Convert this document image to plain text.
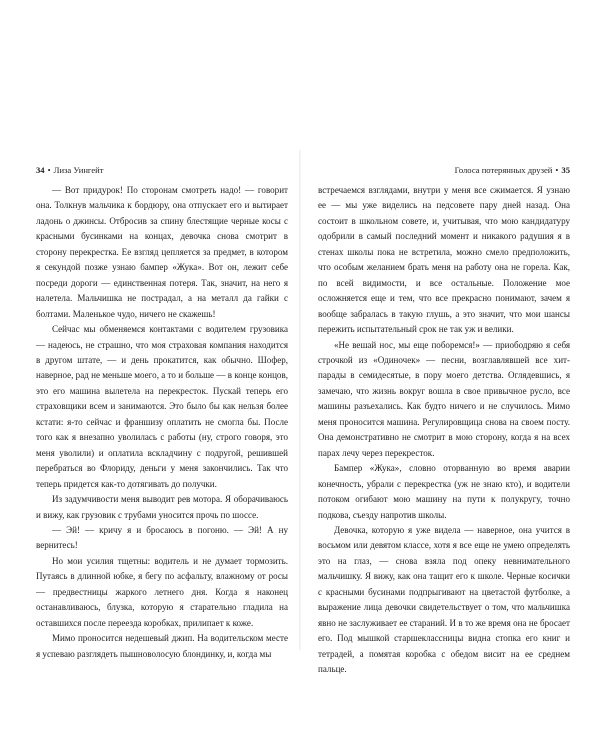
34 • Лиза Уингейт

— Вот придурок! По сторонам смотреть надо! — говорит она. Толкнув мальчика к бордюру, она отпускает его и вытирает ладонь о джинсы. Отбросив за спину блестящие черные косы с красными бусинками на концах, девочка снова смотрит в сторону перекрестка. Ее взгляд цепляется за предмет, в котором я секундой позже узнаю бампер «Жука». Вот он, лежит себе посреди дороги — единственная потеря. Так, значит, на него я налетела. Мальчишка не пострадал, а на металл да гайки с болтами. Маленькое чудо, ничего не скажешь!

Сейчас мы обменяемся контактами с водителем грузовика — надеюсь, не страшно, что моя страховая компания находится в другом штате, — и день прокатится, как обычно. Шофер, наверное, рад не меньше моего, а то и больше — в конце концов, это его машина вылетела на перекресток. Пускай теперь его страховщики всем и занимаются. Это было бы как нельзя более кстати: я-то сейчас и франшизу оплатить не смогла бы. После того как я внезапно уволилась с работы (ну, строго говоря, это меня уволили) и оплатила вскладчину с подругой, решившей перебраться во Флориду, деньги у меня закончились. Так что теперь придется как-то дотягивать до получки.

Из задумчивости меня выводит рев мотора. Я оборачиваюсь и вижу, как грузовик с трубами уносится прочь по шоссе.

— Эй! — кричу я и бросаюсь в погоню. — Эй! А ну вернитесь!

Но мои усилия тщетны: водитель и не думает тормозить. Путаясь в длинной юбке, я бегу по асфальту, влажному от росы — предвестницы жаркого летнего дня. Когда я наконец останавливаюсь, блузка, которую я старательно гладила на оставшихся после переезда коробках, прилипает к коже.

Мимо проносится недешевый джип. На водительском месте я успеваю разглядеть пышноволосую блондинку, и, когда мы

Голоса потерянных друзей • 35

встречаемся взглядами, внутри у меня все сжимается. Я узнаю ее — мы уже виделись на педсовете пару дней назад. Она состоит в школьном совете, и, учитывая, что мою кандидатуру одобрили в самый последний момент и никакого радушия я в стенах школы пока не встретила, можно смело предположить, что особым желанием брать меня на работу она не горела. Как, по всей видимости, и все остальные. Положение мое осложняется еще и тем, что все прекрасно понимают, зачем я вообще забралась в такую глушь, а это значит, что мои шансы пережить испытательный срок не так уж и велики.

«Не вешай нос, мы еще поборемся!» — приободряю я себя строчкой из «Одиночек» — песни, возглавлявшей все хит-парады в семидесятые, в пору моего детства. Оглядевшись, я замечаю, что жизнь вокруг вошла в свое привычное русло, все машины разъехались. Как будто ничего и не случилось. Мимо меня проносится машина. Регулировщица снова на своем посту. Она демонстративно не смотрит в мою сторону, когда я на всех парах лечу через перекресток.

Бампер «Жука», словно оторванную во время аварии конечность, убрали с перекрестка (уж не знаю кто), и водители потоком огибают мою машину на пути к полукругу, точно подкова, съезду напротив школы.

Девочка, которую я уже видела — наверное, она учится в восьмом или девятом классе, хотя я все еще не умею определять это на глаз, — снова взяла под опеку невнимательного мальчишку. Я вижу, как она тащит его к школе. Черные косички с красными бусинами подпрыгивают на цветастой футболке, а выражение лица девочки свидетельствует о том, что мальчишка явно не заслуживает ее стараний. И в то же время она не бросает его. Под мышкой старшеклассницы видна стопка его книг и тетрадей, а помятая коробка с обедом висит на ее среднем пальце.
